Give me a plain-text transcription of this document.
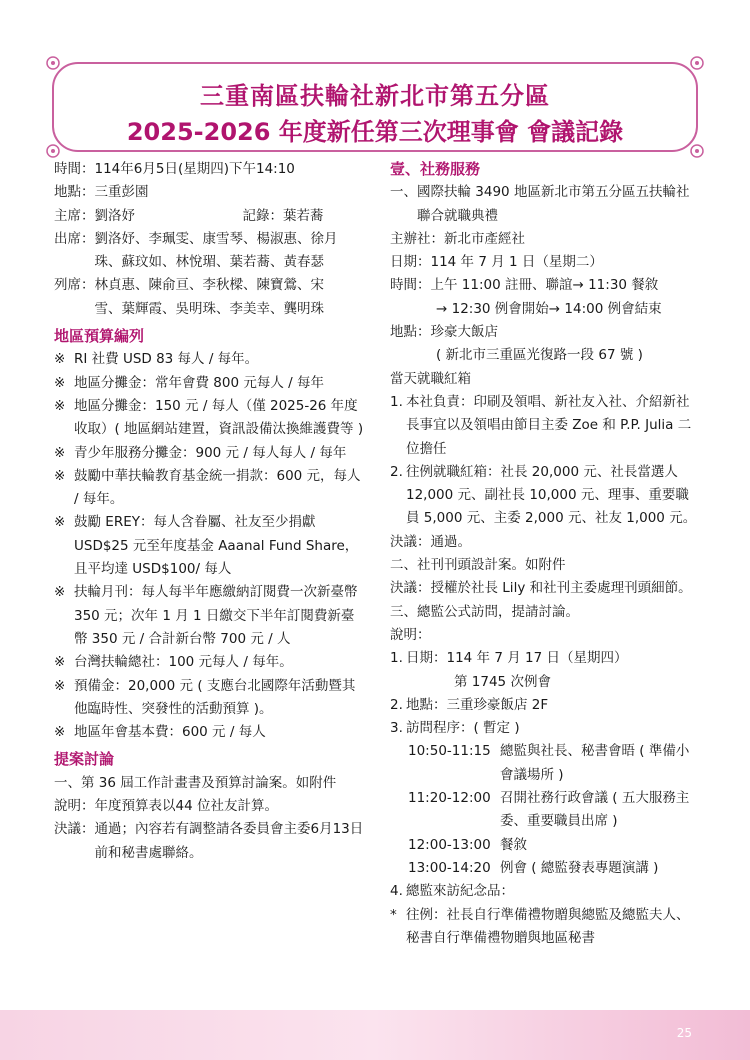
三重南區扶輪社新北市第五分區
2025-2026 年度新任第三次理事會 會議記錄
時間： 114年6月5日(星期四)下午14:10
地點： 三重彭園
主席： 劉洛妤	記錄： 葉若蕎
出席： 劉洛妤、李珮雯、康雪琴、楊淑惠、徐月珠、蘇玟如、林悅瑂、葉若蕎、黃春瑟
列席： 林貞惠、陳俞亘、李秋樑、陳寶鶯、宋　雪、葉輝霞、吳明珠、李美幸、龔明珠
地區預算編列
※ RI 社費 USD 83 每人 / 每年。
※ 地區分攤金：常年會費 800 元每人 / 每年
※ 地區分攤金：150 元 / 每人（僅 2025-26 年度收取）( 地區網站建置，資訊設備汰換維護費等 )
※ 青少年服務分攤金：900 元 / 每人每人 / 每年
※ 鼓勵中華扶輪教育基金統一捐款：600 元，每人 / 每年。
※ 鼓勵 EREY：每人含眷屬、社友至少捐獻 USD$25 元至年度基金 Aaanal Fund Share，且平均達 USD$100/ 每人
※ 扶輪月刊：每人每半年應繳納訂閱費一次新臺幣 350 元；次年 1 月 1 日繳交下半年訂閱費新臺幣 350 元 / 合計新台幣 700 元 / 人
※ 台灣扶輪總社：100 元每人 / 每年。
※ 預備金：20,000 元 ( 支應台北國際年活動暨其他臨時性、突發性的活動預算 )。
※ 地區年會基本費：600 元 / 每人
提案討論
一、 第 36 屆工作計畫書及預算討論案。如附件
說明： 年度預算表以44 位社友計算。
決議： 通過；內容若有調整請各委員會主委6月13日前和秘書處聯絡。
壹、社務服務
一、 國際扶輪 3490 地區新北市第五分區五扶輪社聯合就職典禮
主辦社： 新北市產經社
日期： 114 年 7 月 1 日（星期二）
時間： 上午 11:00 註冊、聯誼→ 11:30 餐敘
→ 12:30 例會開始→ 14:00 例會結束
地點： 珍豪大飯店
( 新北市三重區光復路一段 67 號 )
當天就職紅箱
1. 本社負責：印刷及領唱、新社友入社、介紹新社長事宜以及領唱由節目主委 Zoe 和 P.P. Julia 二位擔任
2. 往例就職紅箱：社長 20,000 元、社長當選人 12,000 元、副社長 10,000 元、理事、重要職員 5,000 元、主委 2,000 元、社友 1,000 元。
決議： 通過。
二、 社刊刊頭設計案。如附件
決議： 授權於社長 Lily 和社刊主委處理刊頭細節。
三、 總監公式訪問，提請討論。
說明：
1. 日期：114 年 7 月 17 日（星期四）
第 1745 次例會
2. 地點：三重珍豪飯店 2F
3. 訪問程序：( 暫定 )
10:50-11:15 總監與社長、秘書會晤 ( 準備小會議場所 )
11:20-12:00 召開社務行政會議 ( 五大服務主委、重要職員出席 )
12:00-13:00 餐敘
13:00-14:20 例會 ( 總監發表專題演講 )
4. 總監來訪紀念品：
* 往例：社長自行準備禮物贈與總監及總監夫人、秘書自行準備禮物贈與地區秘書
25
